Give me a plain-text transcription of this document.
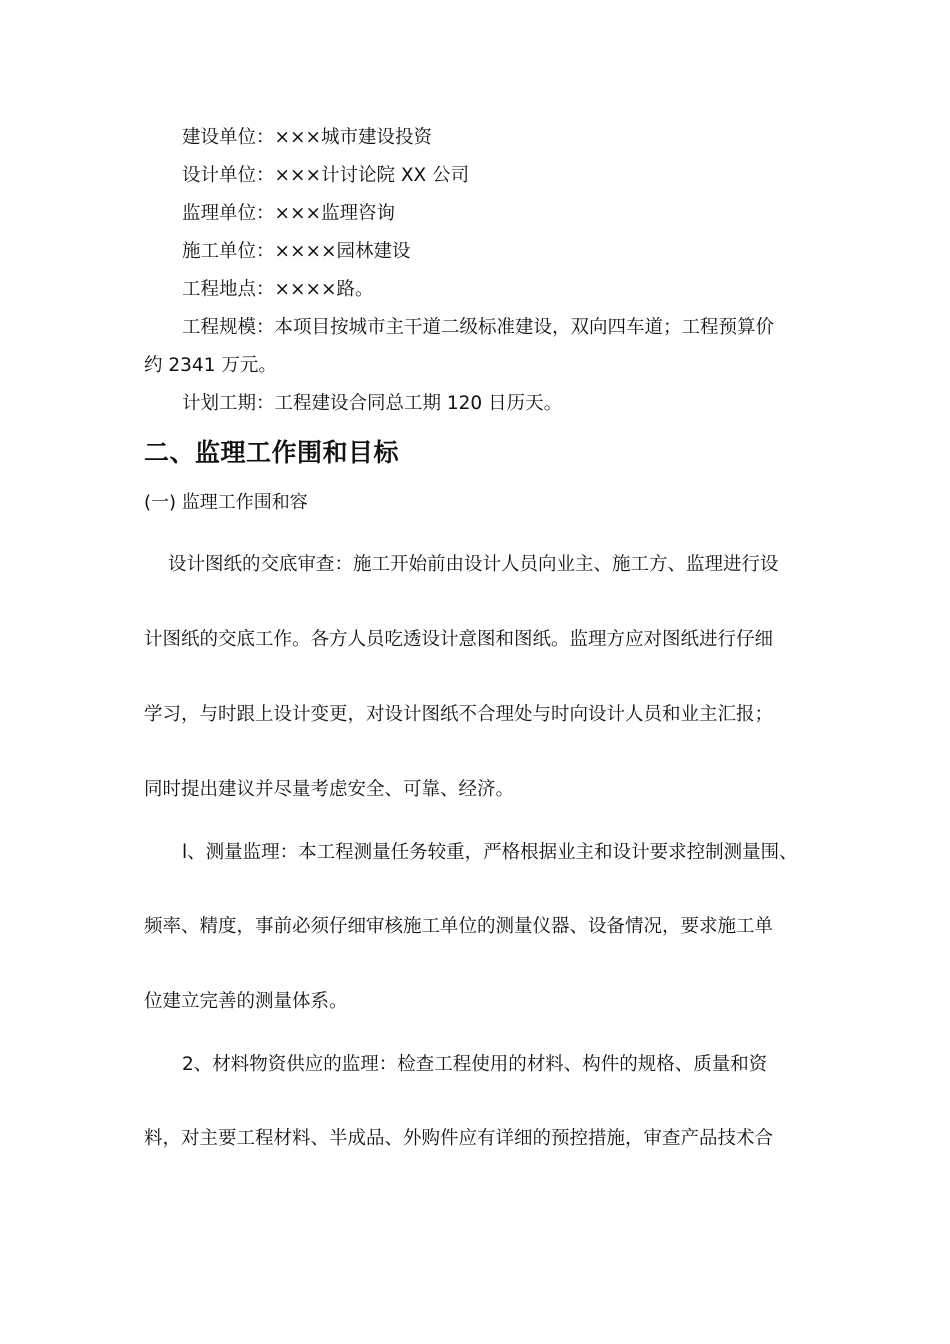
建设单位：×××城市建设投资
设计单位：×××计讨论院 XX 公司
监理单位：×××监理咨询
施工单位：××××园林建设
工程地点：××××路。
工程规模：本项目按城市主干道二级标准建设，双向四车道；工程预算价
约 2341 万元。
计划工期：工程建设合同总工期 120 日历天。
二、监理工作围和目标
(一) 监理工作围和容
设计图纸的交底审查：施工开始前由设计人员向业主、施工方、监理进行设
计图纸的交底工作。各方人员吃透设计意图和图纸。监理方应对图纸进行仔细
学习，与时跟上设计变更，对设计图纸不合理处与时向设计人员和业主汇报；
同时提出建议并尽量考虑安全、可靠、经济。
l、测量监理：本工程测量任务较重，严格根据业主和设计要求控制测量围、
频率、精度，事前必须仔细审核施工单位的测量仪器、设备情况，要求施工单
位建立完善的测量体系。
2、材料物资供应的监理：检查工程使用的材料、构件的规格、质量和资
料，对主要工程材料、半成品、外购件应有详细的预控措施，审查产品技术合
